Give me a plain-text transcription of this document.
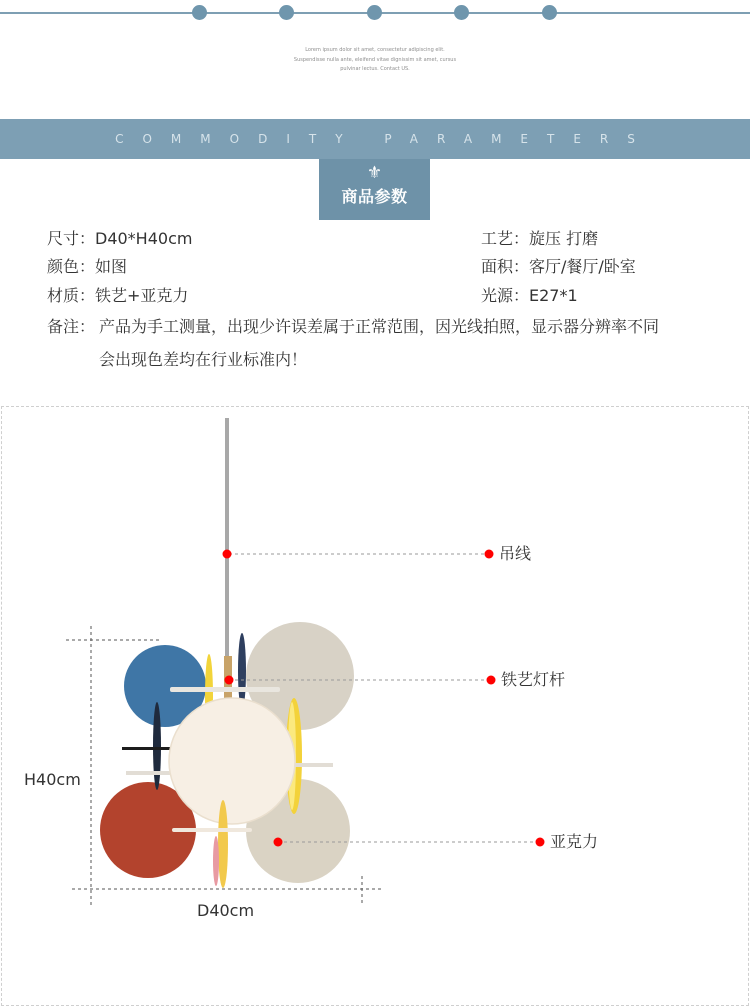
Lorem ipsum dolor sit amet, consectetur adipiscing elit.
Suspendisse nulla ante, eleifend vitae dignissim sit amet, cursus
pulvinar lectus. Contact US.
COMMODITY PARAMETERS
⚜
商品参数
尺寸：D40*H40cm	工艺：旋压 打磨
颜色：如图	面积：客厅/餐厅/卧室
材质：铁艺+亚克力	光源：E27*1
备注： 产品为手工测量，出现少许误差属于正常范围，因光线拍照，显示器分辨率不同
会出现色差均在行业标准内！
吊线
铁艺灯杆
亚克力
H40cm
D40cm
